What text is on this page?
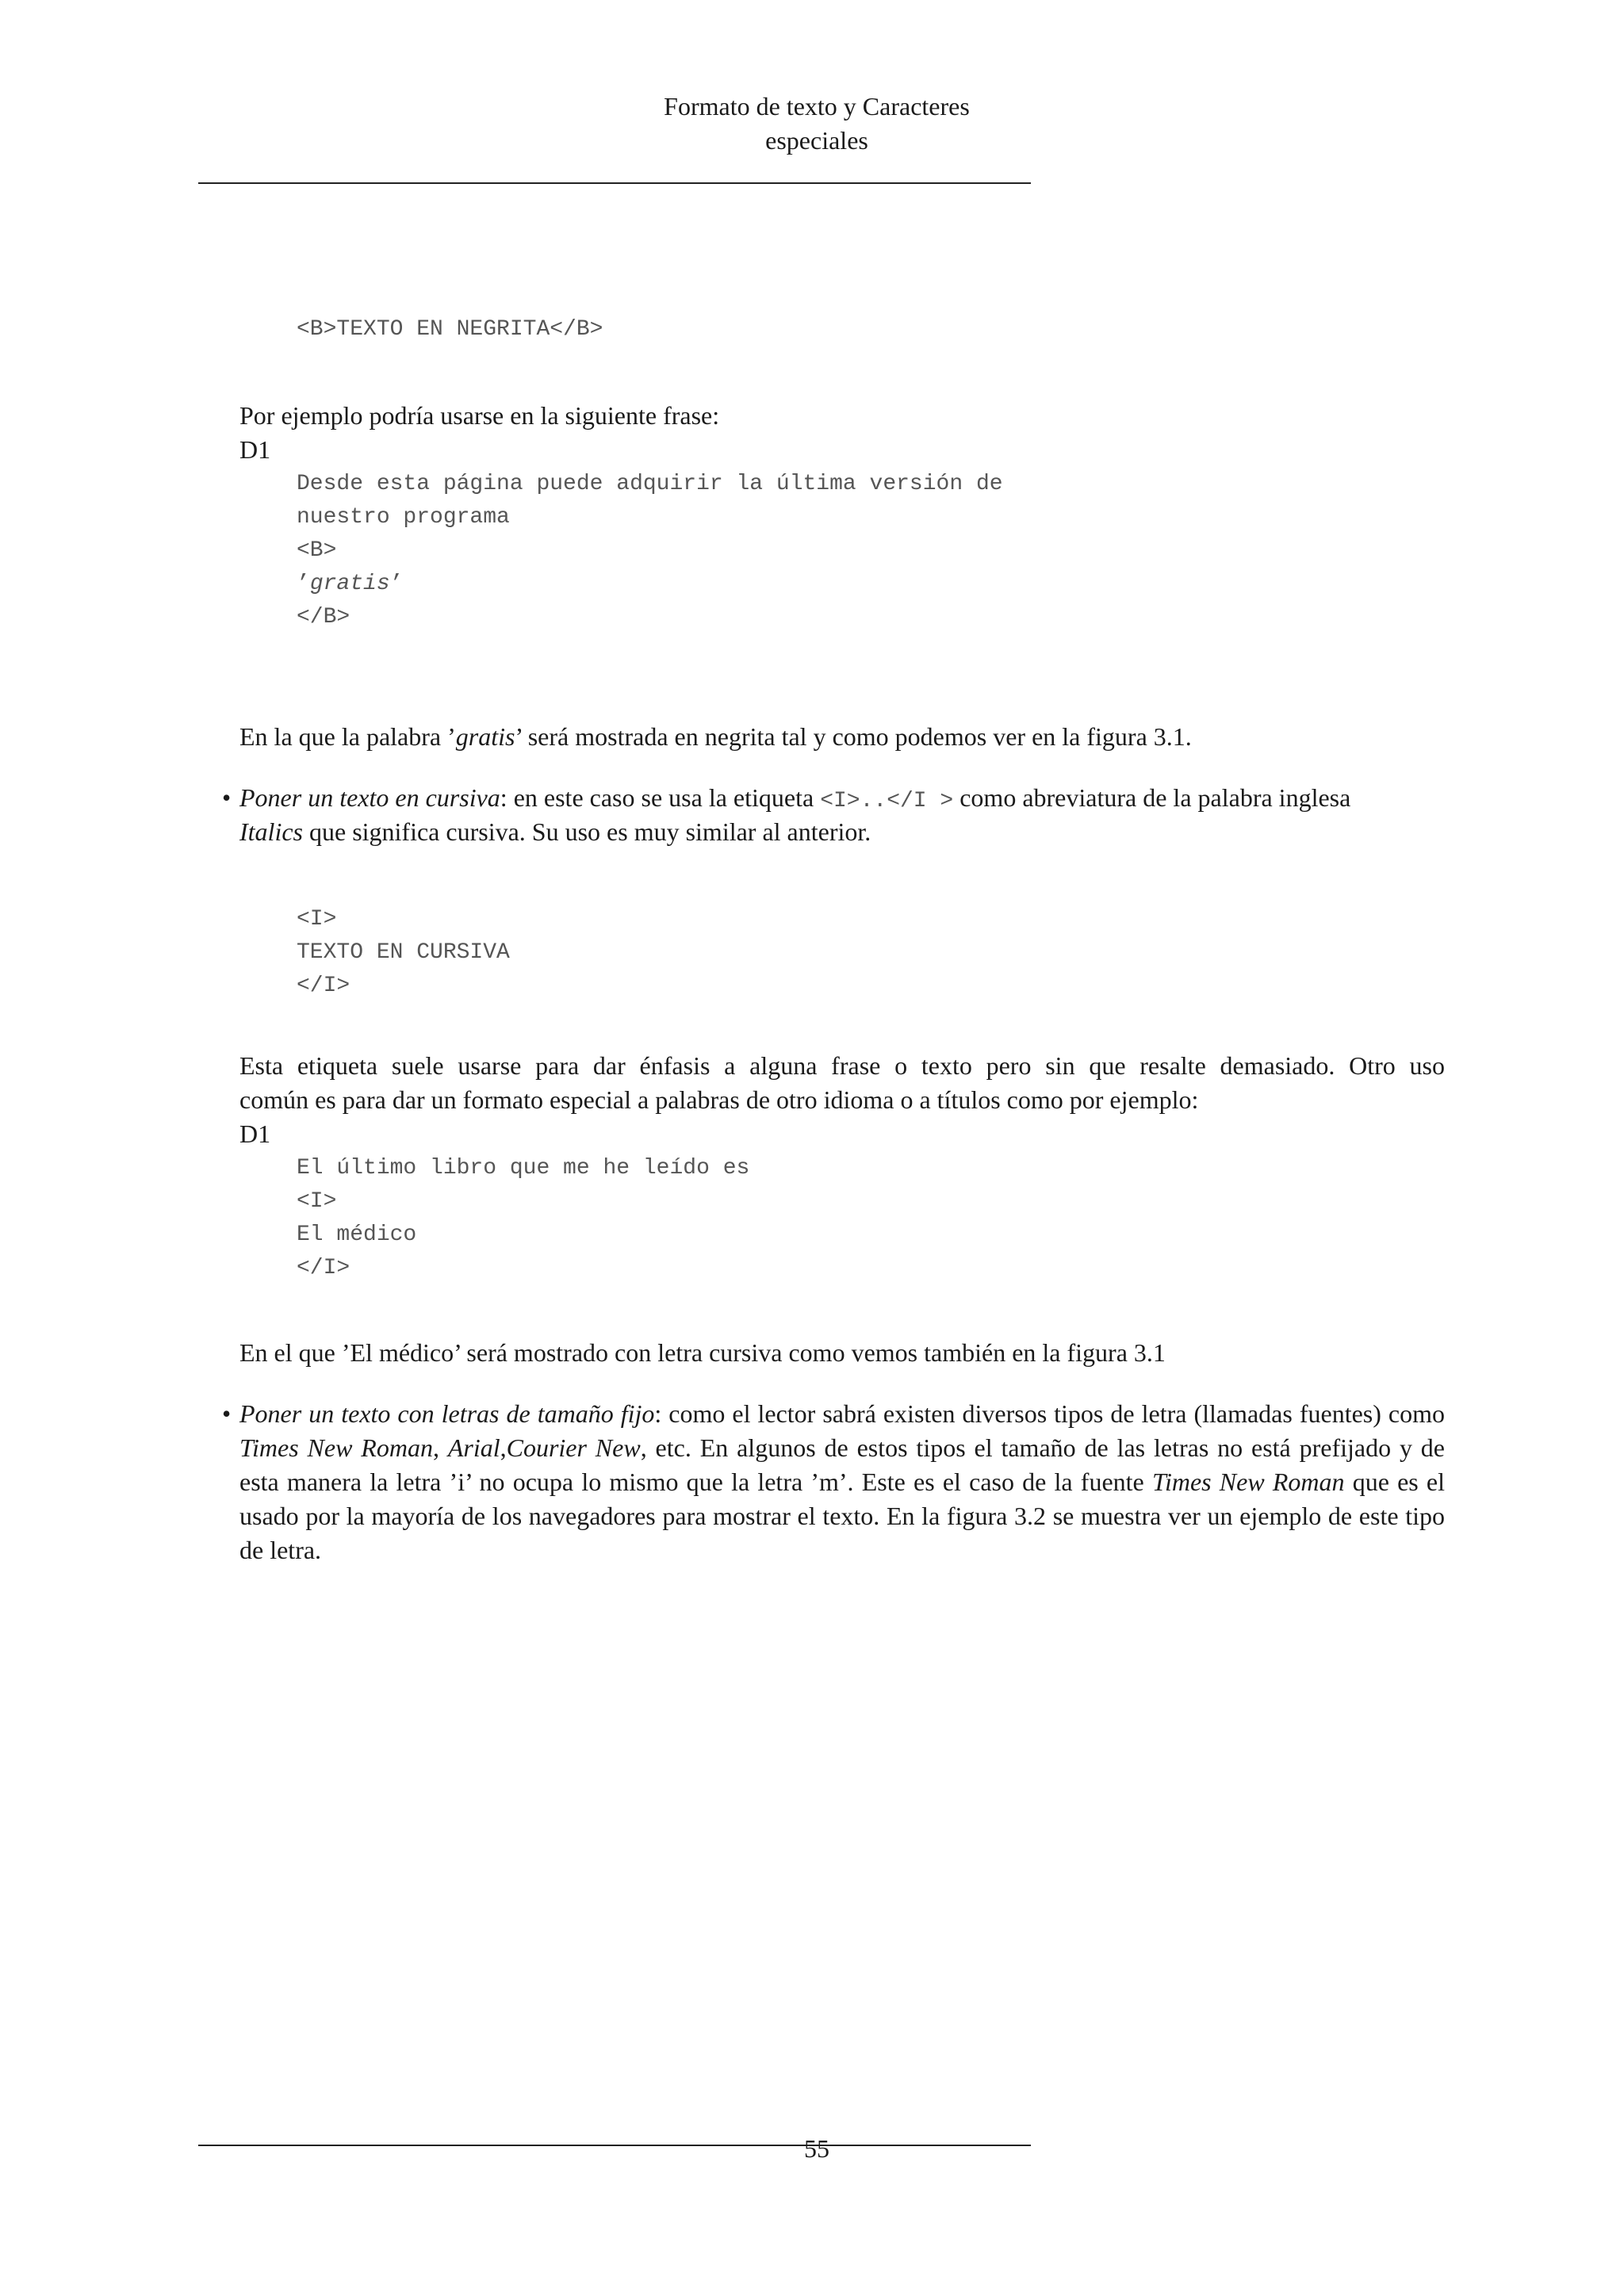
Formato de texto y Caracteres
especiales
<B>TEXTO EN NEGRITA</B>
Por ejemplo podría usarse en la siguiente frase:
D1
Desde esta página puede adquirir la última versión de
nuestro programa
<B>
’gratis’
</B>
En la que la palabra ’gratis’ será mostrada en negrita tal y como podemos ver en la figura 3.1.
• Poner un texto en cursiva: en este caso se usa la etiqueta <I>..</I > como abreviatura de la palabra inglesa
Italics que significa cursiva. Su uso es muy similar al anterior.
<I>
TEXTO EN CURSIVA
</I>
Esta etiqueta suele usarse para dar énfasis a alguna frase o texto pero sin que resalte demasiado. Otro uso
común es para dar un formato especial a palabras de otro idioma o a títulos como por ejemplo:
D1
El último libro que me he leído es
<I>
El médico
</I>
En el que ’El médico’ será mostrado con letra cursiva como vemos también en la figura 3.1
• Poner un texto con letras de tamaño fijo: como el lector sabrá existen diversos tipos de letra (llamadas fuentes) como Times New Roman, Arial,Courier New, etc. En algunos de estos tipos el tamaño de las letras no está prefijado y de esta manera la letra ’i’ no ocupa lo mismo que la letra ’m’. Este es el caso de la fuente Times New Roman que es el usado por la mayoría de los navegadores para mostrar el texto. En la figura 3.2 se muestra ver un ejemplo de este tipo de letra.
55
